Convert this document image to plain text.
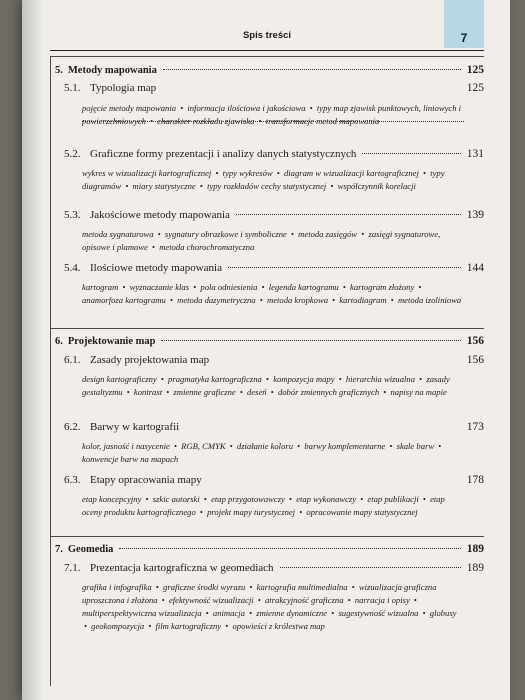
Spis treści	7
5. Metody mapowania	125
5.1. Typologia map	125
pojęcie metody mapowania • informacja ilościowa i jakościowa • typy map zjawisk punktowych, liniowych i powierzchniowych • charakter rozkładu zjawiska • transformacje metod mapowania
5.2. Graficzne formy prezentacji i analizy danych statystycznych	131
wykres w wizualizacji kartograficznej • typy wykresów • diagram w wizualizacji kartograficznej • typy diagramów • miary statystyczne • typy rozkładów cechy statystycznej • współczynnik korelacji
5.3. Jakościowe metody mapowania	139
metoda sygnaturowa • sygnatury obrazkowe i symboliczne • metoda zasięgów • zasięgi sygnaturowe, opisowe i plamowe • metoda chorochromatyczna
5.4. Ilościowe metody mapowania	144
kartogram • wyznaczanie klas • pola odniesienia • legenda kartogramu • kartogram złożony • anamorfoza kartogramu • metoda dazymetryczna • metoda kropkowa • kartodiagram • metoda izoliniowa
6. Projektowanie map	156
6.1. Zasady projektowania map	156
design kartograficzny • pragmatyka kartograficzna • kompozycja mapy • hierarchia wizualna • zasady gestaltyzmu • kontrast • zmienne graficzne • deseń • dobór zmiennych graficznych • napisy na mapie
6.2. Barwy w kartografii	173
kolor, jasność i nasycenie • RGB, CMYK • działanie koloru • barwy komplementarne • skale barw • konwencje barw na mapach
6.3. Etapy opracowania mapy	178
etap koncepcyjny • szkic autorski • etap przygotowawczy • etap wykonawczy • etap publikacji • etap oceny produktu kartograficznego • projekt mapy turystycznej • opracowanie mapy statystycznej
7. Geomedia	189
7.1. Prezentacja kartograficzna w geomediach	189
grafika i infografika • graficzne środki wyrazu • kartografia multimedialna • wizualizacja graficzna uproszczona i złożona • efektywność wizualizacji • atrakcyjność graficzna • narracja i opisy • multiperspektywiczna wizualizacja • animacja • zmienne dynamiczne • sugestywność wizualna • globusy • geokompozycja • film kartograficzny • opowieści z królestwa map
